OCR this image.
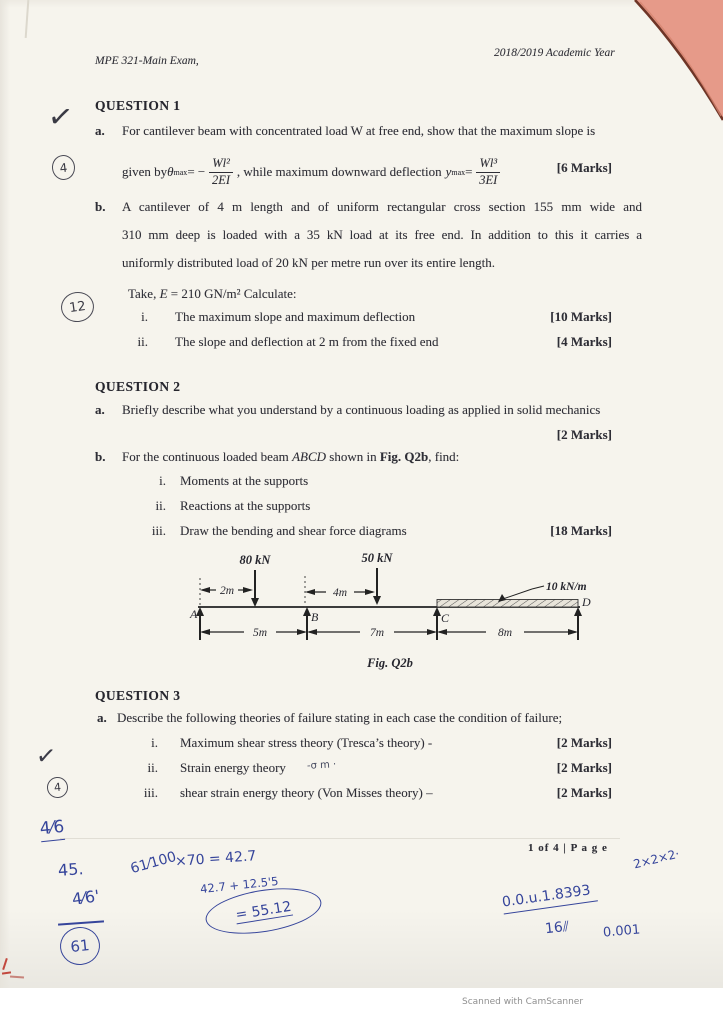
MPE 321-Main Exam,
2018/2019 Academic Year
QUESTION 1
a. For cantilever beam with concentrated load W at free end, show that the maximum slope is
given by θ max = − $\frac{\text{Wl²}}{2EI}$ , while maximum downward deflection y $\max = \frac{\text{Wl³}}{3EI}$	[6 Marks]
b. A cantilever of 4 m length and of uniform rectangular cross section 155 mm wide and
310 mm deep is loaded with a 35 kN load at its free end. In addition to this it carries a
uniformly distributed load of 20 kN per metre run over its entire length.
Take, E = 210 GN/m² Calculate:
i. The maximum slope and maximum deflection	[10 Marks]
ii. The slope and deflection at 2 m from the fixed end	[4 Marks]
QUESTION 2
a. Briefly describe what you understand by a continuous loading as applied in solid mechanics
[2 Marks]
b. For the continuous loaded beam ABCD shown in Fig. Q2b, find:
i. Moments at the supports
ii. Reactions at the supports
iii. Draw the bending and shear force diagrams	[18 Marks]
80 kN	50 kN
2m	4m	10 kN/m
A	B	C
D
5m	7m	8m
Fig. Q2b
QUESTION 3
a. Describe the following theories of failure stating in each case the condition of failure;
i. Maximum shear stress theory (Tresca’s theory) -	[2 Marks]
ii. Strain energy theory -σ m ·	[2 Marks]
iii. shear strain energy theory (Von Misses theory) –	[2 Marks]
1 of 4 | P a g e
✓
4
12
✓
4
4⁄6
45.	61⁄100
×70 = 42.7
42.7 + 12.5'5
= 55.12
4⁄6'
61
2×2×2·
0.0.u.1.8393
16⫽	0.001
Scanned with CamScanner
